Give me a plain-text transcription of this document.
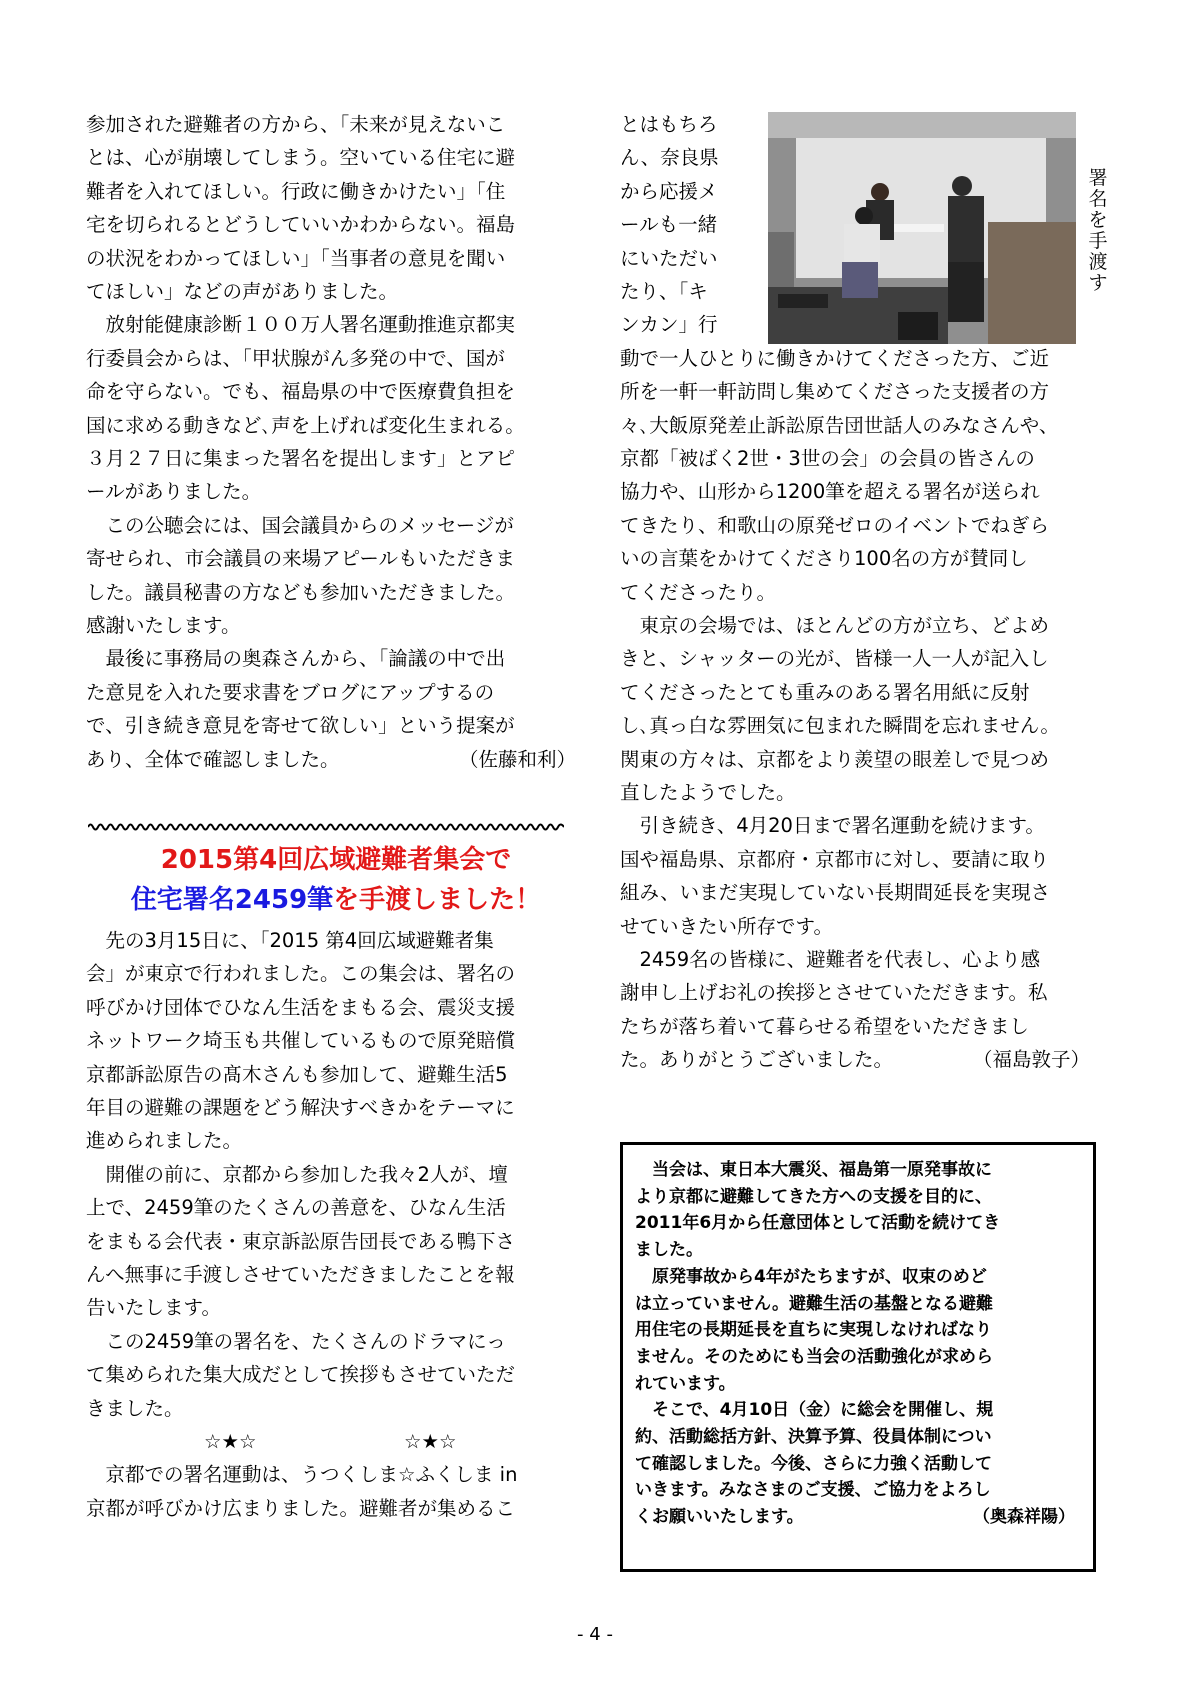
参加された避難者の方から、「未来が見えないこ
とは、心が崩壊してしまう。空いている住宅に避
難者を入れてほしい。行政に働きかけたい」「住
宅を切られるとどうしていいかわからない。福島
の状況をわかってほしい」「当事者の意見を聞い
てほしい」などの声がありました。
　放射能健康診断１００万人署名運動推進京都実
行委員会からは、「甲状腺がん多発の中で、国が
命を守らない。でも、福島県の中で医療費負担を
国に求める動きなど､声を上げれば変化生まれる。
３月２７日に集まった署名を提出します」とアピ
ールがありました。
　この公聴会には、国会議員からのメッセージが
寄せられ、市会議員の来場アピールもいただきま
した。議員秘書の方なども参加いただきました。
感謝いたします。
　最後に事務局の奥森さんから、「論議の中で出
た意見を入れた要求書をブログにアップするの
で、引き続き意見を寄せて欲しい」という提案が
あり、全体で確認しました。	（佐藤和利）
2015第4回広域避難者集会で
住宅署名2459筆を手渡しました！
　先の3月15日に、「2015 第4回広域避難者集
会」が東京で行われました。この集会は、署名の
呼びかけ団体でひなん生活をまもる会、震災支援
ネットワーク埼玉も共催しているもので原発賠償
京都訴訟原告の髙木さんも参加して、避難生活5
年目の避難の課題をどう解決すべきかをテーマに
進められました。
　開催の前に、京都から参加した我々2人が、壇
上で、2459筆のたくさんの善意を、ひなん生活
をまもる会代表・東京訴訟原告団長である鴨下さ
んへ無事に手渡しさせていただきましたことを報
告いたします。
　この2459筆の署名を、たくさんのドラマにっ
て集められた集大成だとして挨拶もさせていただ
きました。
☆★☆	☆★☆
　京都での署名運動は、うつくしま☆ふくしま in
京都が呼びかけ広まりました。避難者が集めるこ
とはもちろ
ん、奈良県
から応援メ
ールも一緒
にいただい
たり、「キ
ンカン」行
署名を手渡す
動で一人ひとりに働きかけてくださった方、ご近
所を一軒一軒訪問し集めてくださった支援者の方
々､大飯原発差止訴訟原告団世話人のみなさんや、
京都「被ばく2世・3世の会」の会員の皆さんの
協力や、山形から1200筆を超える署名が送られ
てきたり、和歌山の原発ゼロのイベントでねぎら
いの言葉をかけてくださり100名の方が賛同し
てくださったり。
　東京の会場では、ほとんどの方が立ち、どよめ
きと、シャッターの光が、皆様一人一人が記入し
てくださったとても重みのある署名用紙に反射
し､真っ白な雰囲気に包まれた瞬間を忘れません。
関東の方々は、京都をより羨望の眼差しで見つめ
直したようでした。
　引き続き、4月20日まで署名運動を続けます。
国や福島県、京都府・京都市に対し、要請に取り
組み、いまだ実現していない長期間延長を実現さ
せていきたい所存です。
　2459名の皆様に、避難者を代表し、心より感
謝申し上げお礼の挨拶とさせていただきます。私
たちが落ち着いて暮らせる希望をいただきまし
た。ありがとうございました。	（福島敦子）
　当会は、東日本大震災、福島第一原発事故に
より京都に避難してきた方への支援を目的に、
2011年6月から任意団体として活動を続けてき
ました。
　原発事故から4年がたちますが、収束のめど
は立っていません。避難生活の基盤となる避難
用住宅の長期延長を直ちに実現しなければなり
ません。そのためにも当会の活動強化が求めら
れています。
　そこで、4月10日（金）に総会を開催し、規
約、活動総括方針、決算予算、役員体制につい
て確認しました。今後、さらに力強く活動して
いきます。みなさまのご支援、ご協力をよろし
くお願いいたします。	（奥森祥陽）
- 4 -
